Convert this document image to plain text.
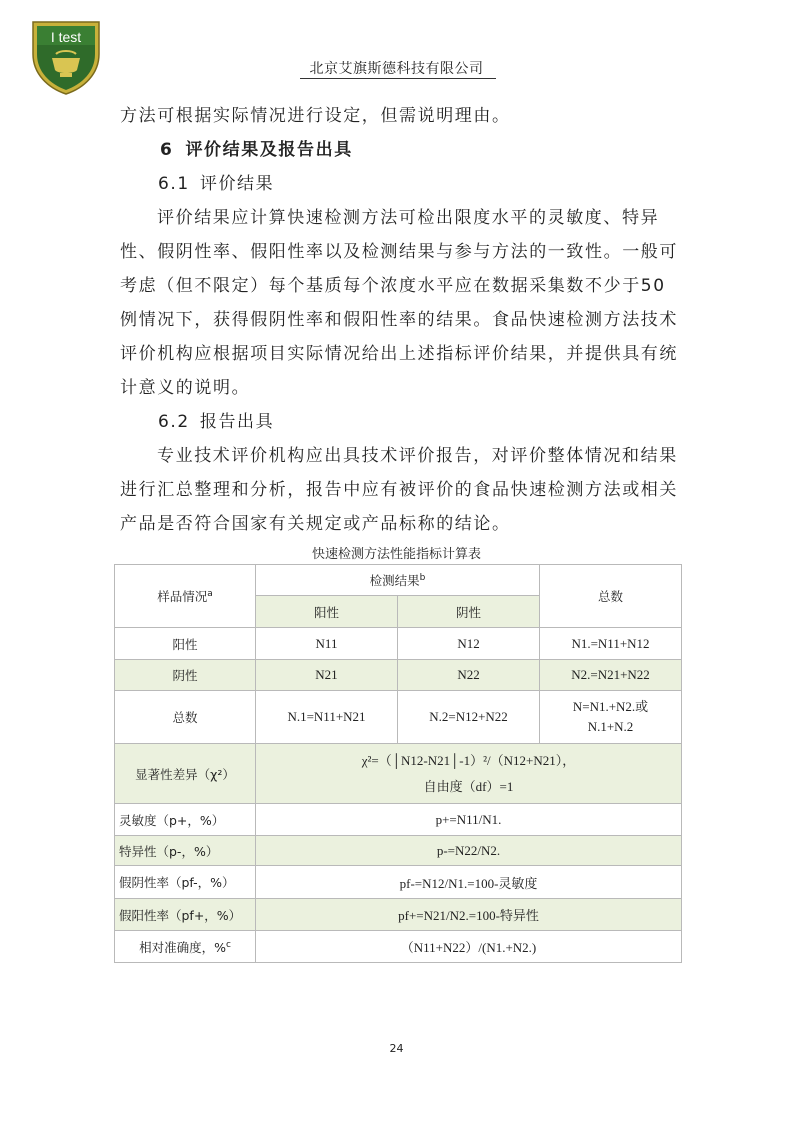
I test
北京艾旗斯德科技有限公司

方法可根据实际情况进行设定，但需说明理由。

6 评价结果及报告出具

6.1 评价结果

评价结果应计算快速检测方法可检出限度水平的灵敏度、特异性、假阴性率、假阳性率以及检测结果与参与方法的一致性。一般可考虑（但不限定）每个基质每个浓度水平应在数据采集数不少于50例情况下，获得假阴性率和假阳性率的结果。食品快速检测方法技术评价机构应根据项目实际情况给出上述指标评价结果，并提供具有统计意义的说明。

6.2 报告出具

专业技术评价机构应出具技术评价报告，对评价整体情况和结果进行汇总整理和分析，报告中应有被评价的食品快速检测方法或相关产品是否符合国家有关规定或产品标称的结论。

快速检测方法性能指标计算表
样品情况$^a$	检测结果$^b$		总数
	阳性	阴性	
阳性	N11	N12	N1.=N11+N12
阴性	N21	N22	N2.=N21+N22
总数	N.1=N11+N21	N.2=N12+N22	N=N1.+N2.或
N.1+N.2

显著性差异（χ²）	χ²=（│N12-N21│-1）²/（N12+N21），
自由度（df）=1		

灵敏度（p+，%）	p+=N11/N1.		
特异性（p-，%）	p-=N22/N2.		
假阴性率（pf-，%）	pf-=N12/N1.=100-灵敏度		
假阳性率（pf+，%）	pf+=N21/N2.=100-特异性		
相对准确度，%$^c$	（N11+N22）/(N1.+N2.)		
24
